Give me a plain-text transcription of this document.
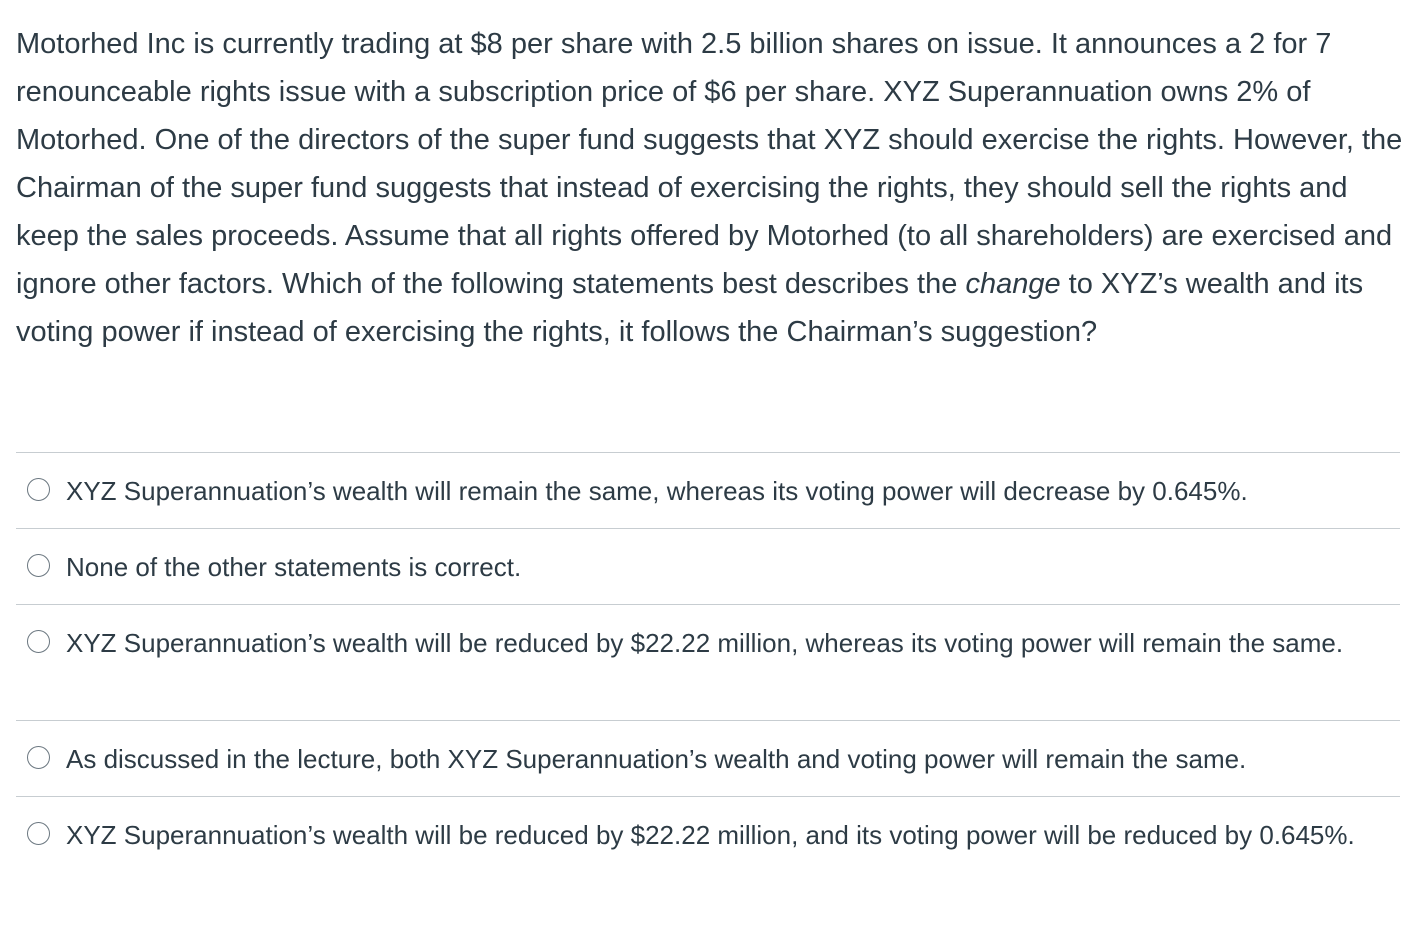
Motorhed Inc is currently trading at $8 per share with 2.5 billion shares on issue. It announces a 2 for 7 renounceable rights issue with a subscription price of $6 per share. XYZ Superannuation owns 2% of Motorhed. One of the directors of the super fund suggests that XYZ should exercise the rights. However, the Chairman of the super fund suggests that instead of exercising the rights, they should sell the rights and keep the sales proceeds. Assume that all rights offered by Motorhed (to all shareholders) are exercised and ignore other factors. Which of the following statements best describes the change to XYZ’s wealth and its voting power if instead of exercising the rights, it follows the Chairman’s suggestion?
XYZ Superannuation’s wealth will remain the same, whereas its voting power will decrease by 0.645%.
None of the other statements is correct.
XYZ Superannuation’s wealth will be reduced by $22.22 million, whereas its voting power will remain the same.
As discussed in the lecture, both XYZ Superannuation’s wealth and voting power will remain the same.
XYZ Superannuation’s wealth will be reduced by $22.22 million, and its voting power will be reduced by 0.645%.
